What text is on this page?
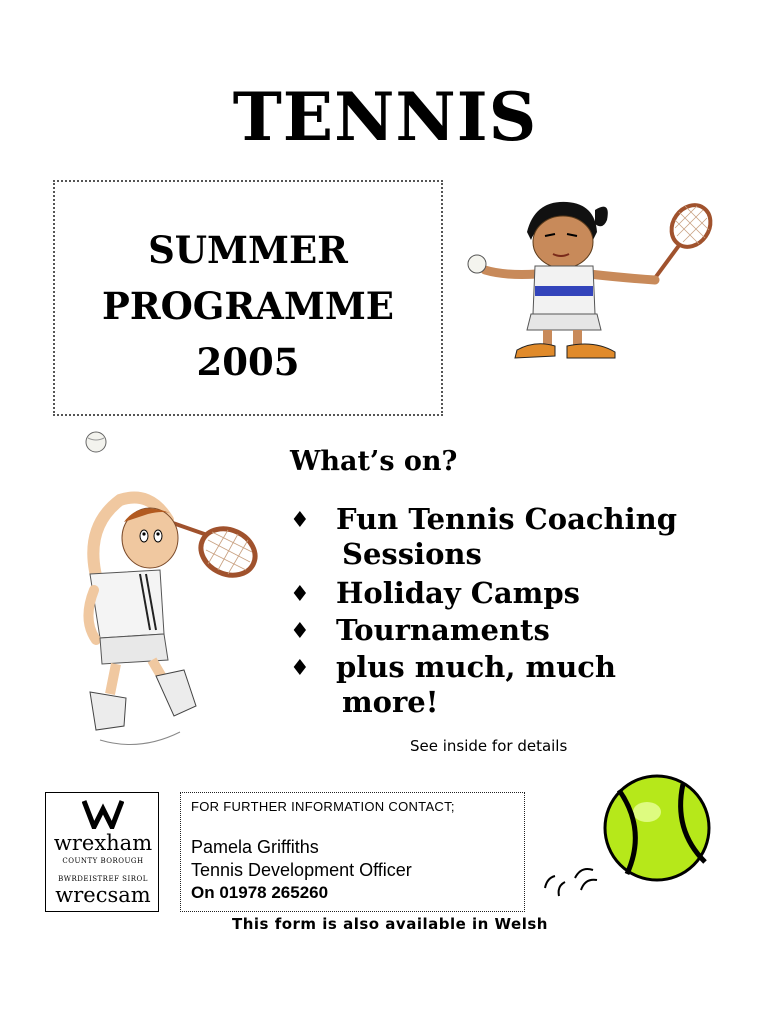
TENNIS
SUMMER
PROGRAMME
2005
What’s on?
♦ Fun Tennis Coaching
Sessions
♦ Holiday Camps
♦ Tournaments
♦ plus much, much
more!
See inside for details
wrexham
COUNTY BOROUGH
BWRDEISTREF SIROL
wrecsam
FOR FURTHER INFORMATION CONTACT;
Pamela Griffiths
Tennis Development Officer
On 01978 265260
This form is also available in Welsh
